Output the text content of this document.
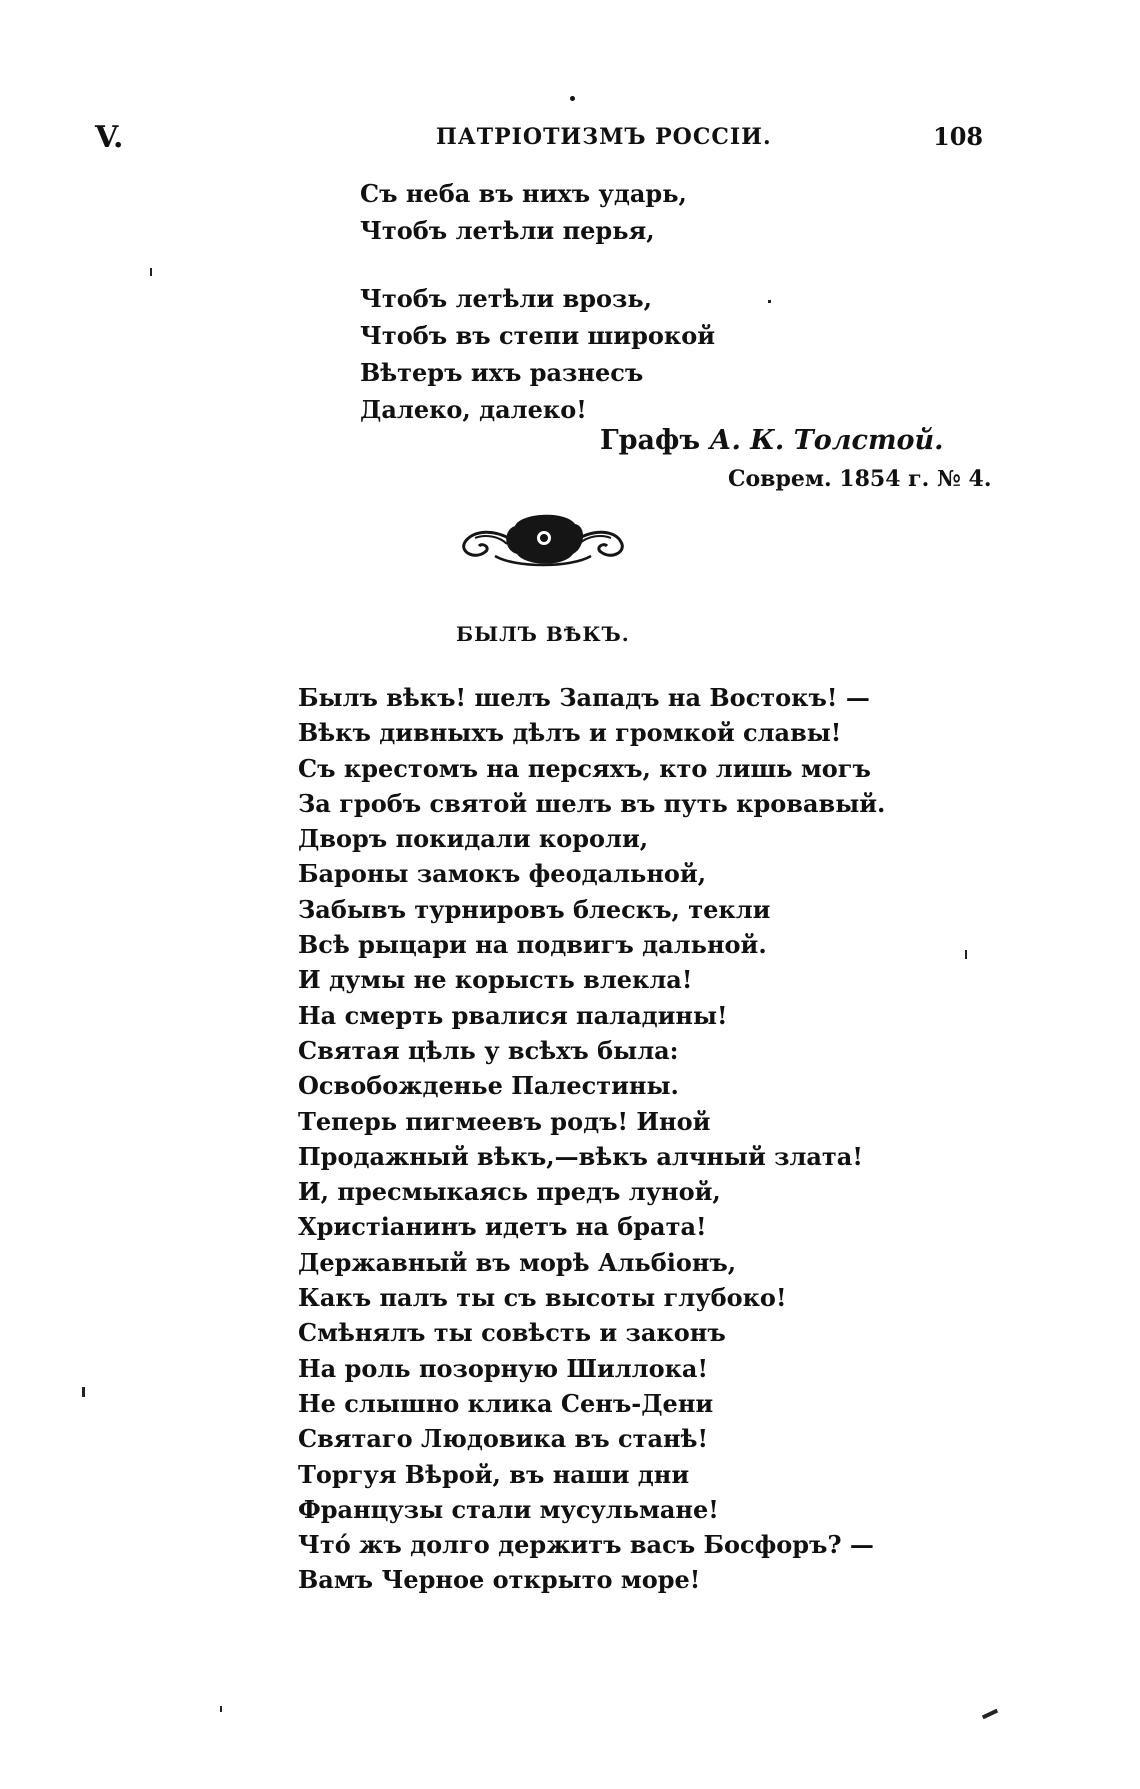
V.	ПАТРІОТИЗМЪ РОССІИ.	108
Съ неба въ нихъ ударь,
Чтобъ летѣли перья,
Чтобъ летѣли врозь,
Чтобъ въ степи широкой
Вѣтеръ ихъ разнесъ
Далеко, далеко!
Графъ А. К. Толстой.
Соврем. 1854 г. № 4.
БЫЛЪ ВѢКЪ.
Былъ вѣкъ! шелъ Западъ на Востокъ! —
Вѣкъ дивныхъ дѣлъ и громкой славы!
Съ крестомъ на персяхъ, кто лишь могъ
За гробъ святой шелъ въ путь кровавый.
Дворъ покидали короли,
Бароны замокъ феодальной,
Забывъ турнировъ блескъ, текли
Всѣ рыцари на подвигъ дальной.
И думы не корысть влекла!
На смерть рвалися паладины!
Святая цѣль у всѣхъ была:
Освобожденье Палестины.
Теперь пигмеевъ родъ! Иной
Продажный вѣкъ,—вѣкъ алчный злата!
И, пресмыкаясь предъ луной,
Христіанинъ идетъ на брата!
Державный въ морѣ Альбіонъ,
Какъ палъ ты съ высоты глубоко!
Смѣнялъ ты совѣсть и законъ
На роль позорную Шиллока!
Не слышно клика Сенъ-Дени
Святаго Людовика въ станѣ!
Торгуя Вѣрой, въ наши дни
Французы стали мусульмане!
Чтó жъ долго держитъ васъ Босфоръ? —
Вамъ Черное открыто море!
